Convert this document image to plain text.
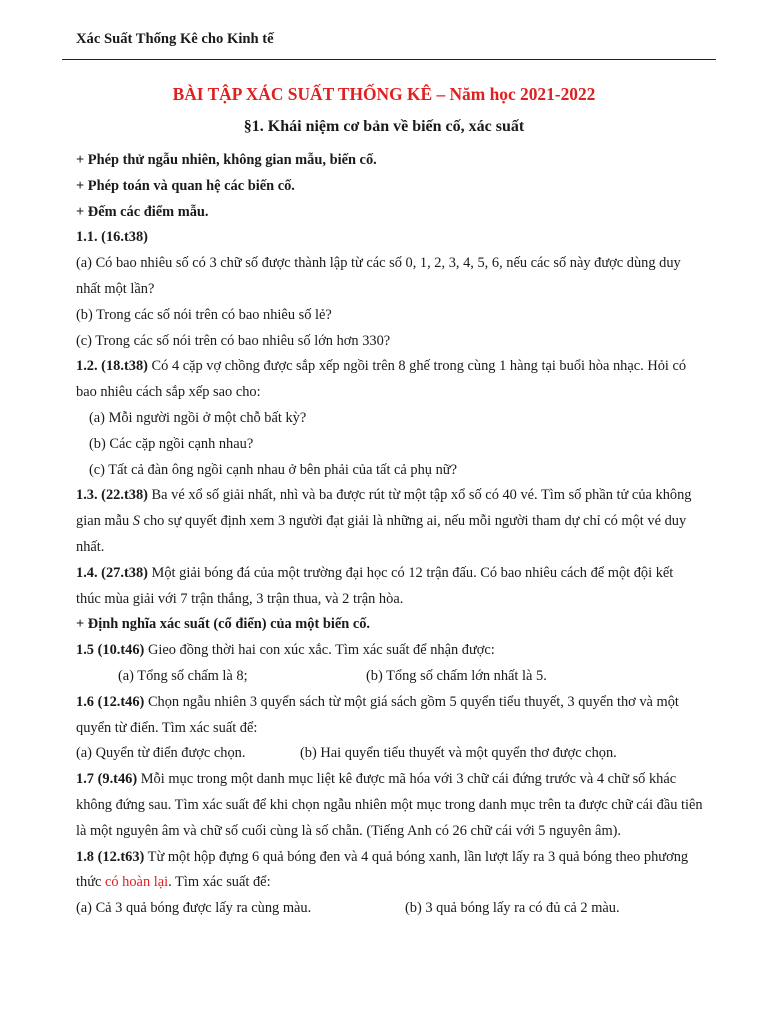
Xác Suất Thống Kê cho Kinh tế
BÀI TẬP XÁC SUẤT THỐNG KÊ – Năm học 2021-2022
§1. Khái niệm cơ bản về biến cố, xác suất
+ Phép thử ngẫu nhiên, không gian mẫu, biến cố.
+ Phép toán và quan hệ các biến cố.
+ Đếm các điểm mẫu.
1.1. (16.t38)
(a) Có bao nhiêu số có 3 chữ số được thành lập từ các số 0, 1, 2, 3, 4, 5, 6, nếu các số này được dùng duy
nhất một lần?
(b) Trong các số nói trên có bao nhiêu số lẻ?
(c) Trong các số nói trên có bao nhiêu số lớn hơn 330?
1.2. (18.t38) Có 4 cặp vợ chồng được sắp xếp ngồi trên 8 ghế trong cùng 1 hàng tại buổi hòa nhạc. Hỏi có
bao nhiêu cách sắp xếp sao cho:
(a) Mỗi người ngồi ở một chỗ bất kỳ?
(b) Các cặp ngồi cạnh nhau?
(c) Tất cả đàn ông ngồi cạnh nhau ở bên phải của tất cả phụ nữ?
1.3. (22.t38) Ba vé xổ số giải nhất, nhì và ba được rút từ một tập xổ số có 40 vé. Tìm số phần tử của không
gian mẫu S cho sự quyết định xem 3 người đạt giải là những ai, nếu mỗi người tham dự chỉ có một vé duy
nhất.
1.4. (27.t38) Một giải bóng đá của một trường đại học có 12 trận đấu. Có bao nhiêu cách để một đội kết
thúc mùa giải với 7 trận thắng, 3 trận thua, và 2 trận hòa.
+ Định nghĩa xác suất (cổ điển) của một biến cố.
1.5 (10.t46) Gieo đồng thời hai con xúc xắc. Tìm xác suất để nhận được:
(a) Tổng số chấm là 8;	(b) Tổng số chấm lớn nhất là 5.
1.6 (12.t46) Chọn ngẫu nhiên 3 quyển sách từ một giá sách gồm 5 quyển tiểu thuyết, 3 quyển thơ và một
quyển từ điển. Tìm xác suất để:
(a) Quyển từ điển được chọn.	(b) Hai quyển tiểu thuyết và một quyển thơ được chọn.
1.7 (9.t46) Mỗi mục trong một danh mục liệt kê được mã hóa với 3 chữ cái đứng trước và 4 chữ số khác
không đứng sau. Tìm xác suất để khi chọn ngẫu nhiên một mục trong danh mục trên ta được chữ cái đầu tiên
là một nguyên âm và chữ số cuối cùng là số chẵn. (Tiếng Anh có 26 chữ cái với 5 nguyên âm).
1.8 (12.t63) Từ một hộp đựng 6 quả bóng đen và 4 quả bóng xanh, lần lượt lấy ra 3 quả bóng theo phương
thức có hoàn lại. Tìm xác suất để:
(a) Cả 3 quả bóng được lấy ra cùng màu.	(b) 3 quả bóng lấy ra có đủ cả 2 màu.
